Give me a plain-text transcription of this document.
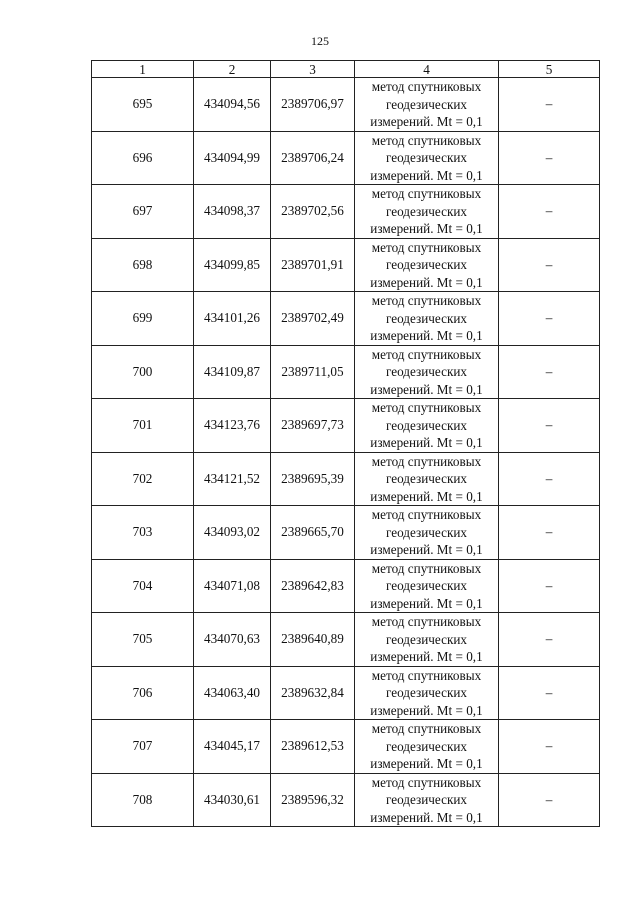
125
1	2	3	4	5
695	434094,56	2389706,97	метод спутниковых
геодезических
измерений. Mt = 0,1	–
696	434094,99	2389706,24	метод спутниковых
геодезических
измерений. Mt = 0,1	–
697	434098,37	2389702,56	метод спутниковых
геодезических
измерений. Mt = 0,1	–
698	434099,85	2389701,91	метод спутниковых
геодезических
измерений. Mt = 0,1	–
699	434101,26	2389702,49	метод спутниковых
геодезических
измерений. Mt = 0,1	–
700	434109,87	2389711,05	метод спутниковых
геодезических
измерений. Mt = 0,1	–
701	434123,76	2389697,73	метод спутниковых
геодезических
измерений. Mt = 0,1	–
702	434121,52	2389695,39	метод спутниковых
геодезических
измерений. Mt = 0,1	–
703	434093,02	2389665,70	метод спутниковых
геодезических
измерений. Mt = 0,1	–
704	434071,08	2389642,83	метод спутниковых
геодезических
измерений. Mt = 0,1	–
705	434070,63	2389640,89	метод спутниковых
геодезических
измерений. Mt = 0,1	–
706	434063,40	2389632,84	метод спутниковых
геодезических
измерений. Mt = 0,1	–
707	434045,17	2389612,53	метод спутниковых
геодезических
измерений. Mt = 0,1	–
708	434030,61	2389596,32	метод спутниковых
геодезических
измерений. Mt = 0,1	–
